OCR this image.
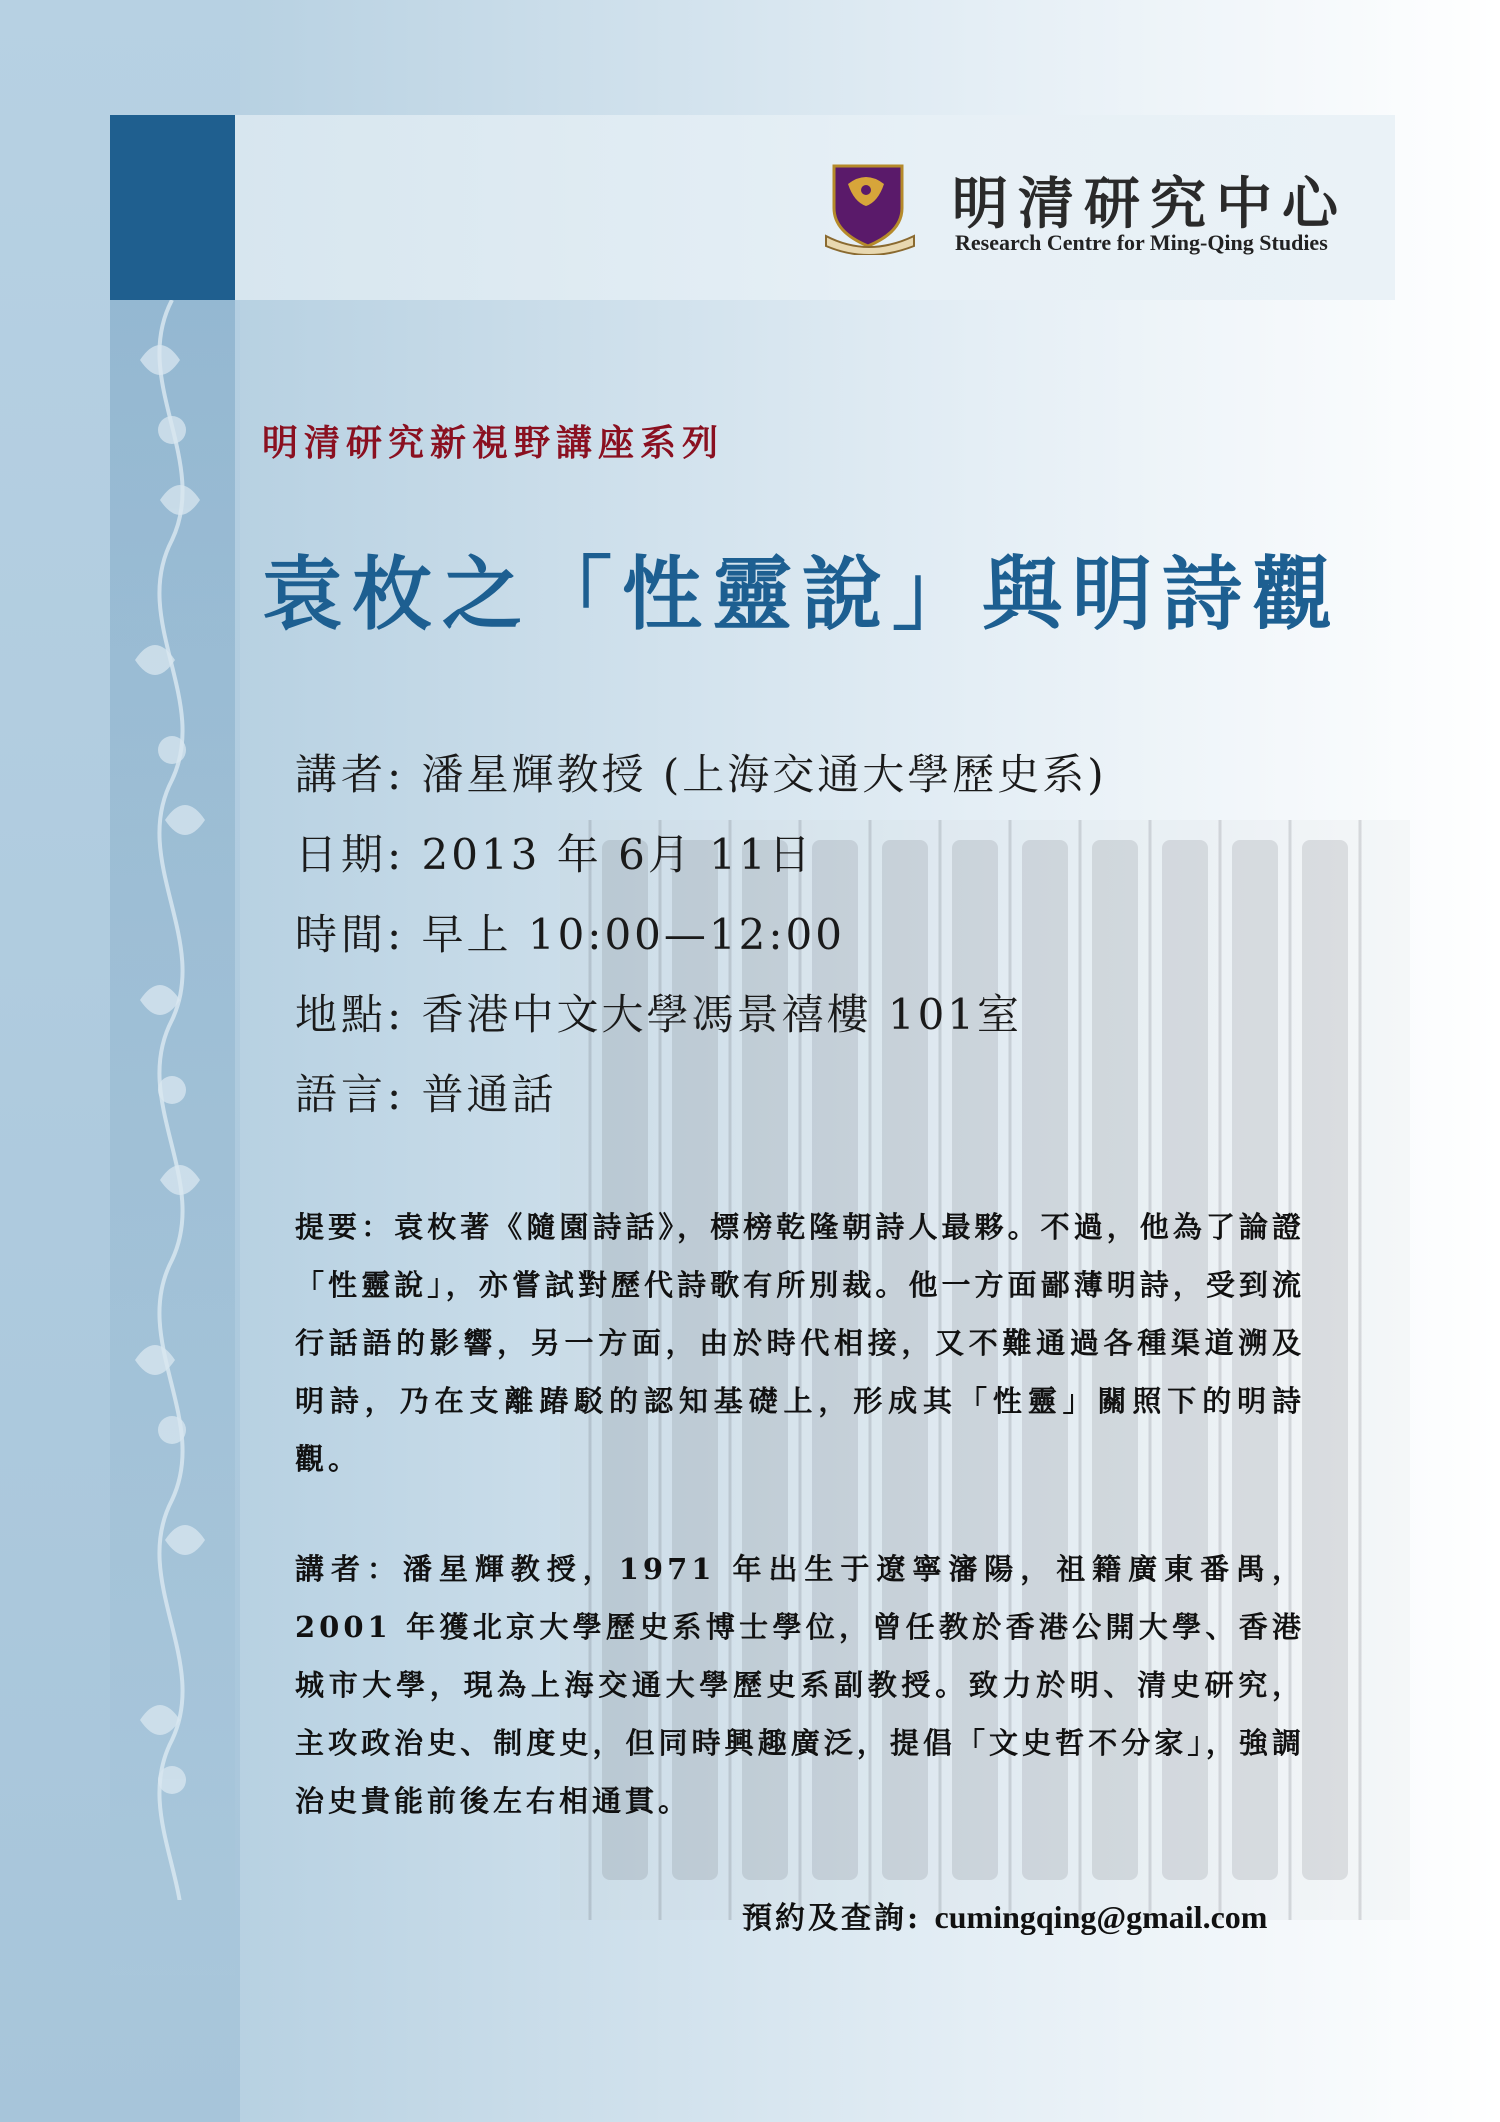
明清研究中心
Research Centre for Ming-Qing Studies
明清研究新視野講座系列
袁枚之「性靈說」與明詩觀
講者: 潘星輝教授 (上海交通大學歷史系)
日期: 2013 年 6月 11日
時間: 早上 10:00—12:00
地點: 香港中文大學馮景禧樓 101室
語言: 普通話
提要：袁枚著《隨園詩話》，標榜乾隆朝詩人最夥。不過，他為了論證「性靈說」，亦嘗試對歷代詩歌有所別裁。他一方面鄙薄明詩，受到流行話語的影響，另一方面，由於時代相接，又不難通過各種渠道溯及明詩，乃在支離踳駁的認知基礎上，形成其「性靈」關照下的明詩觀。
講者：潘星輝教授，1971 年出生于遼寧瀋陽，祖籍廣東番禺，2001 年獲北京大學歷史系博士學位，曾任教於香港公開大學、香港城市大學，現為上海交通大學歷史系副教授。致力於明、清史研究，主攻政治史、制度史，但同時興趣廣泛，提倡「文史哲不分家」，強調治史貴能前後左右相通貫。
預約及查詢: cumingqing@gmail.com
